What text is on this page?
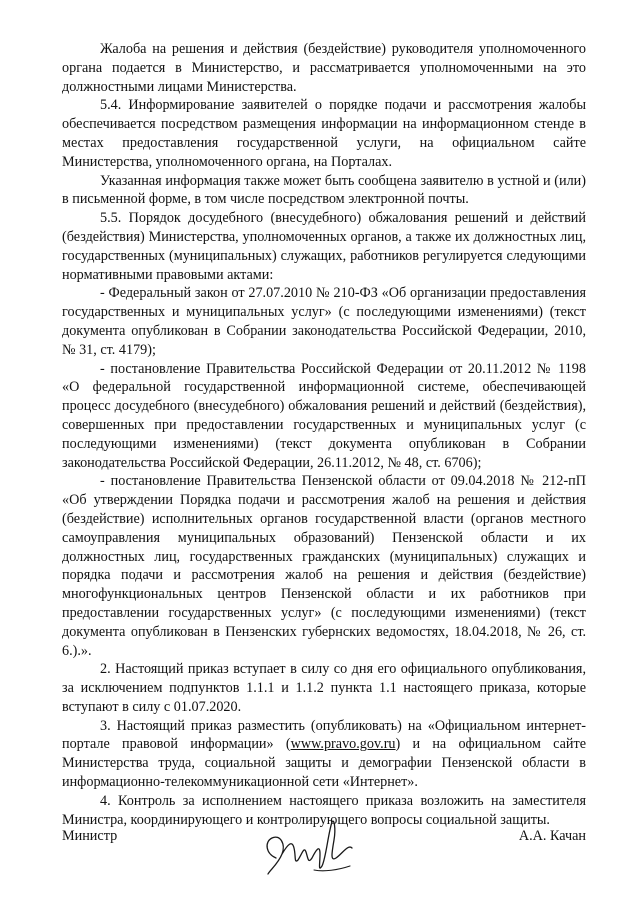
Жалоба на решения и действия (бездействие) руководителя уполномоченного органа подается в Министерство, и рассматривается уполномоченными на это должностными лицами Министерства.

5.4. Информирование заявителей о порядке подачи и рассмотрения жалобы обеспечивается посредством размещения информации на информационном стенде в местах предоставления государственной услуги, на официальном сайте Министерства, уполномоченного органа, на Порталах.

Указанная информация также может быть сообщена заявителю в устной и (или) в письменной форме, в том числе посредством электронной почты.

5.5. Порядок досудебного (внесудебного) обжалования решений и действий (бездействия) Министерства, уполномоченных органов, а также их должностных лиц, государственных (муниципальных) служащих, работников регулируется следующими нормативными правовыми актами:

- Федеральный закон от 27.07.2010 № 210-ФЗ «Об организации предоставления государственных и муниципальных услуг» (с последующими изменениями) (текст документа опубликован в Собрании законодательства Российской Федерации, 2010, № 31, ст. 4179);

- постановление Правительства Российской Федерации от 20.11.2012 № 1198 «О федеральной государственной информационной системе, обеспечивающей процесс досудебного (внесудебного) обжалования решений и действий (бездействия), совершенных при предоставлении государственных и муниципальных услуг (с последующими изменениями) (текст документа опубликован в Собрании законодательства Российской Федерации, 26.11.2012, № 48, ст. 6706);

- постановление Правительства Пензенской области от 09.04.2018 № 212-пП «Об утверждении Порядка подачи и рассмотрения жалоб на решения и действия (бездействие) исполнительных органов государственной власти (органов местного самоуправления муниципальных образований) Пензенской области и их должностных лиц, государственных гражданских (муниципальных) служащих и порядка подачи и рассмотрения жалоб на решения и действия (бездействие) многофункциональных центров Пензенской области и их работников при предоставлении государственных услуг» (с последующими изменениями) (текст документа опубликован в Пензенских губернских ведомостях, 18.04.2018, № 26, ст. 6.).».

2. Настоящий приказ вступает в силу со дня его официального опубликования, за исключением подпунктов 1.1.1 и 1.1.2 пункта 1.1 настоящего приказа, которые вступают в силу с 01.07.2020.

3. Настоящий приказ разместить (опубликовать) на «Официальном интернет-портале правовой информации» (www.pravo.gov.ru) и на официальном сайте Министерства труда, социальной защиты и демографии Пензенской области в информационно-телекоммуникационной сети «Интернет».

4. Контроль за исполнением настоящего приказа возложить на заместителя Министра, координирующего и контролирующего вопросы социальной защиты.

Министр	А.А. Качан
